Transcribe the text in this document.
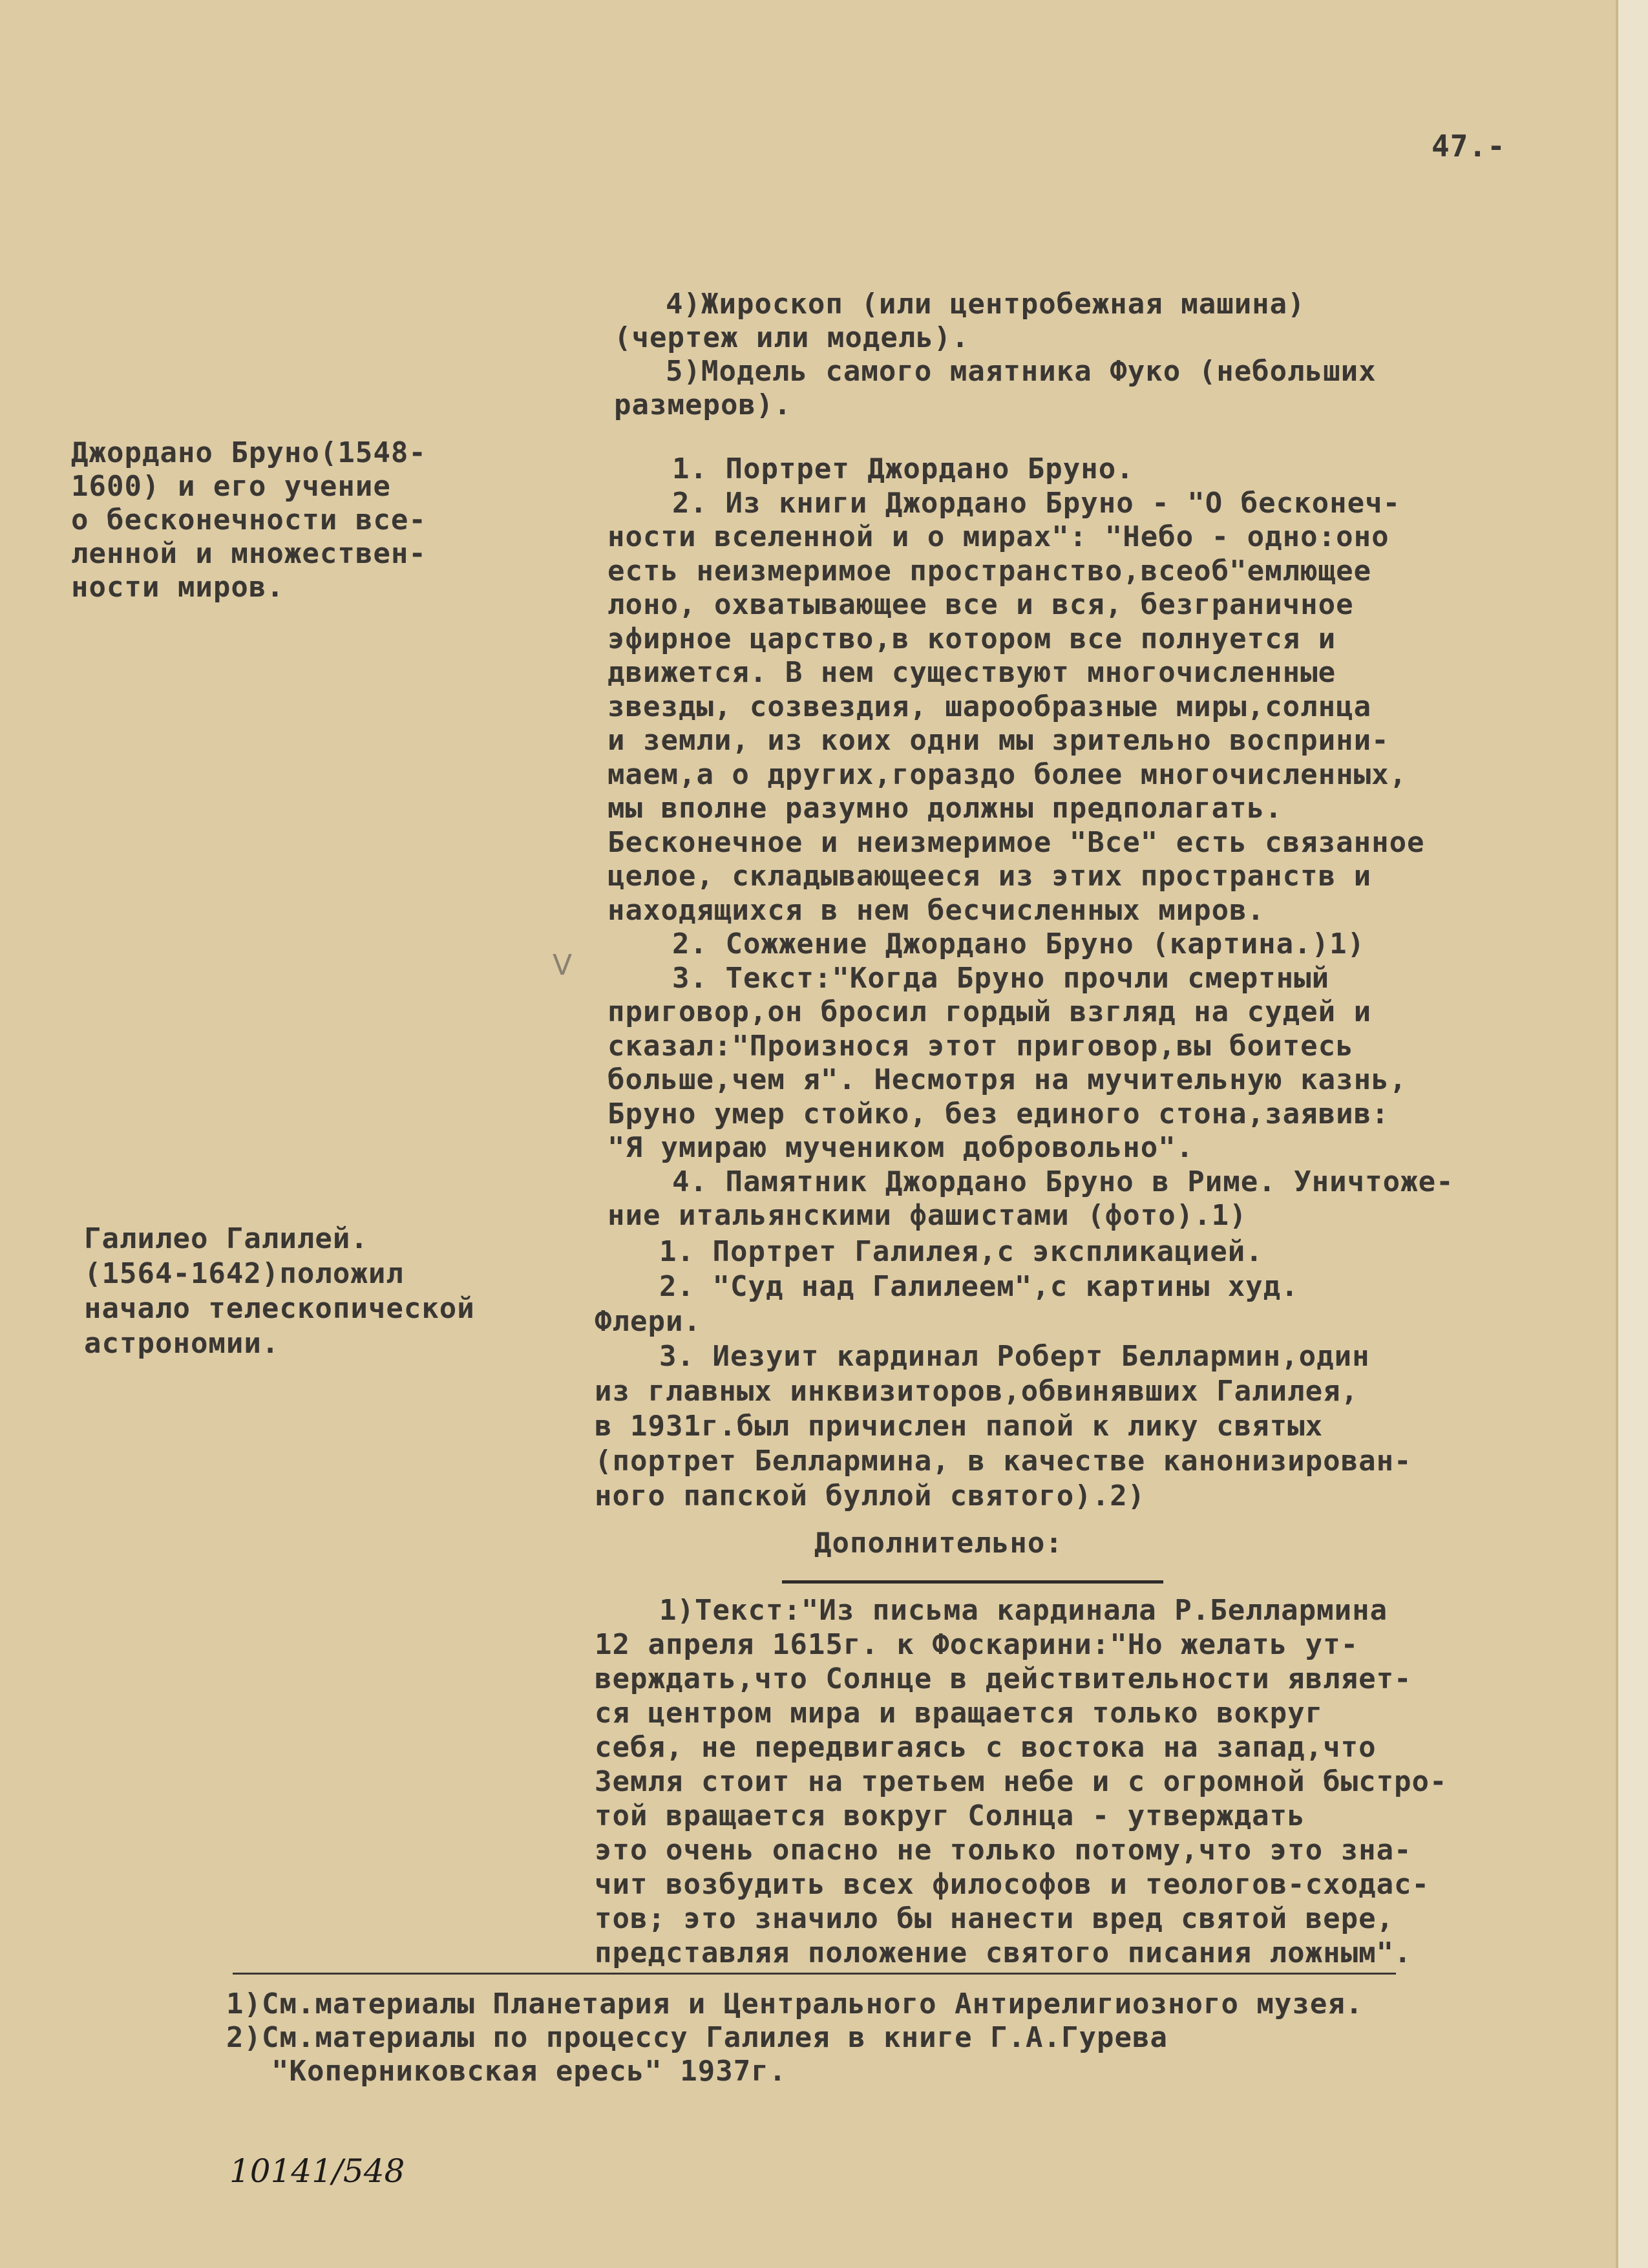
47.-
4)Жироскоп (или центробежная машина)
(чертеж или модель).
5)Модель самого маятника Фуко (небольших
размеров).
Джордано Бруно(1548-
1600) и его учение
о бесконечности все-
ленной и множествен-
ности миров.
1. Портрет Джордано Бруно.
2. Из книги Джордано Бруно - "О бесконеч-
ности вселенной и о мирах": "Небо - одно:оно
есть неизмеримое пространство,всеоб"емлющее
лоно, охватывающее все и вся, безграничное
эфирное царство,в котором все полнуется и
движется. В нем существуют многочисленные
звезды, созвездия, шарообразные миры,солнца
и земли, из коих одни мы зрительно восприни-
маем,а о других,гораздо более многочисленных,
мы вполне разумно должны предполагать.
Бесконечное и неизмеримое "Все" есть связанное
целое, складывающееся из этих пространств и
находящихся в нем бесчисленных миров.
2. Сожжение Джордано Бруно (картина.)1)
3. Текст:"Когда Бруно прочли смертный
приговор,он бросил гордый взгляд на судей и
сказал:"Произнося этот приговор,вы боитесь
больше,чем я". Несмотря на мучительную казнь,
Бруно умер стойко, без единого стона,заявив:
"Я умираю мучеником добровольно".
4. Памятник Джордано Бруно в Риме. Уничтоже-
ние итальянскими фашистами (фото).1)
V
Галилео Галилей.
(1564-1642)положил
начало телескопической
астрономии.
1. Портрет Галилея,с экспликацией.
2. "Суд над Галилеем",с картины худ.
Флери.
3. Иезуит кардинал Роберт Беллармин,один
из главных инквизиторов,обвинявших Галилея,
в 1931г.был причислен папой к лику святых
(портрет Беллармина, в качестве канонизирован-
ного папской буллой святого).2)
Дополнительно:
1)Текст:"Из письма кардинала Р.Беллармина
12 апреля 1615г. к Фоскарини:"Но желать ут-
верждать,что Солнце в действительности являет-
ся центром мира и вращается только вокруг
себя, не передвигаясь с востока на запад,что
Земля стоит на третьем небе и с огромной быстро-
той вращается вокруг Солнца - утверждать
это очень опасно не только потому,что это зна-
чит возбудить всех философов и теологов-сходас-
тов; это значило бы нанести вред святой вере,
представляя положение святого писания ложным".
1)См.материалы Планетария и Центрального Антирелигиозного музея.
2)См.материалы по процессу Галилея в книге Г.А.Гурева
"Коперниковская ересь" 1937г.
10141/548
